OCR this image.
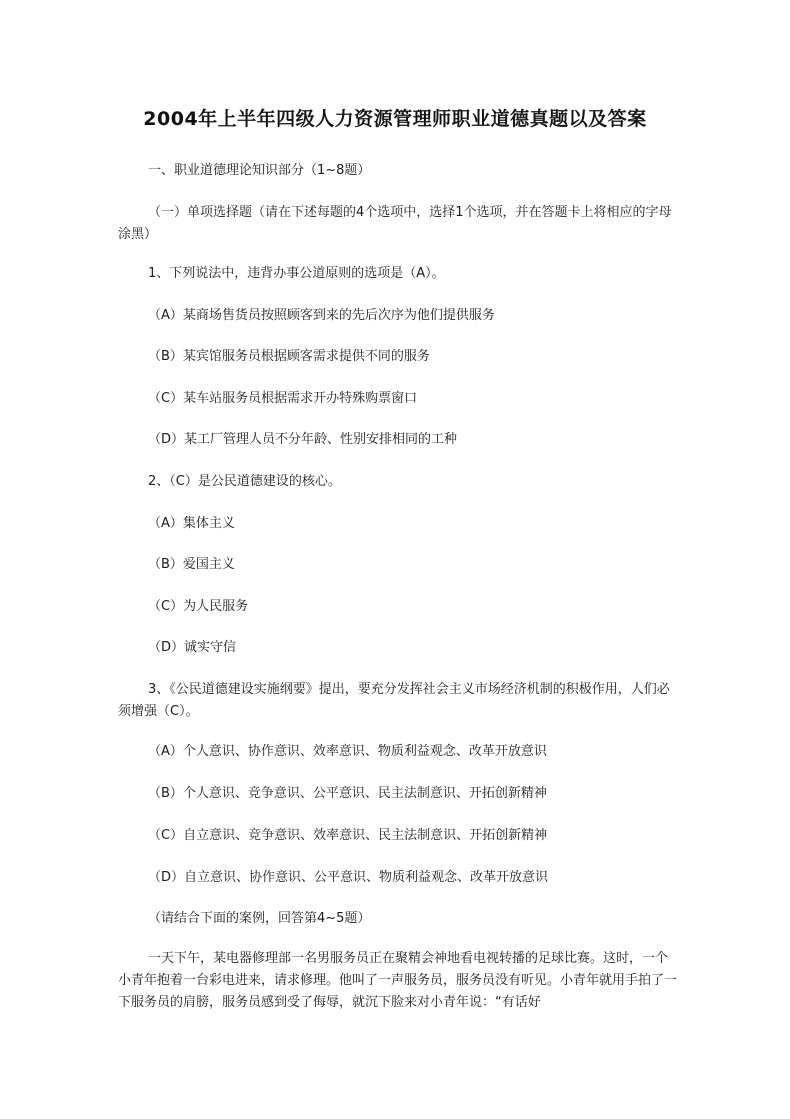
2004年上半年四级人力资源管理师职业道德真题以及答案

一、职业道德理论知识部分（1~8题）

（一）单项选择题（请在下述每题的4个选项中，选择1个选项，并在答题卡上将相应的字母涂黑）

1、下列说法中，违背办事公道原则的选项是（A）。

（A）某商场售货员按照顾客到来的先后次序为他们提供服务

（B）某宾馆服务员根据顾客需求提供不同的服务

（C）某车站服务员根据需求开办特殊购票窗口

（D）某工厂管理人员不分年龄、性别安排相同的工种

2、（C）是公民道德建设的核心。

（A）集体主义

（B）爱国主义

（C）为人民服务

（D）诚实守信

3、《公民道德建设实施纲要》提出，要充分发挥社会主义市场经济机制的积极作用，人们必须增强（C）。

（A）个人意识、协作意识、效率意识、物质利益观念、改革开放意识

（B）个人意识、竞争意识、公平意识、民主法制意识、开拓创新精神

（C）自立意识、竞争意识、效率意识、民主法制意识、开拓创新精神

（D）自立意识、协作意识、公平意识、物质利益观念、改革开放意识

（请结合下面的案例，回答第4~5题）

一天下午，某电器修理部一名男服务员正在聚精会神地看电视转播的足球比赛。这时，一个小青年抱着一台彩电进来，请求修理。他叫了一声服务员，服务员没有听见。小青年就用手拍了一下服务员的肩膀，服务员感到受了侮辱，就沉下脸来对小青年说：“有话好
